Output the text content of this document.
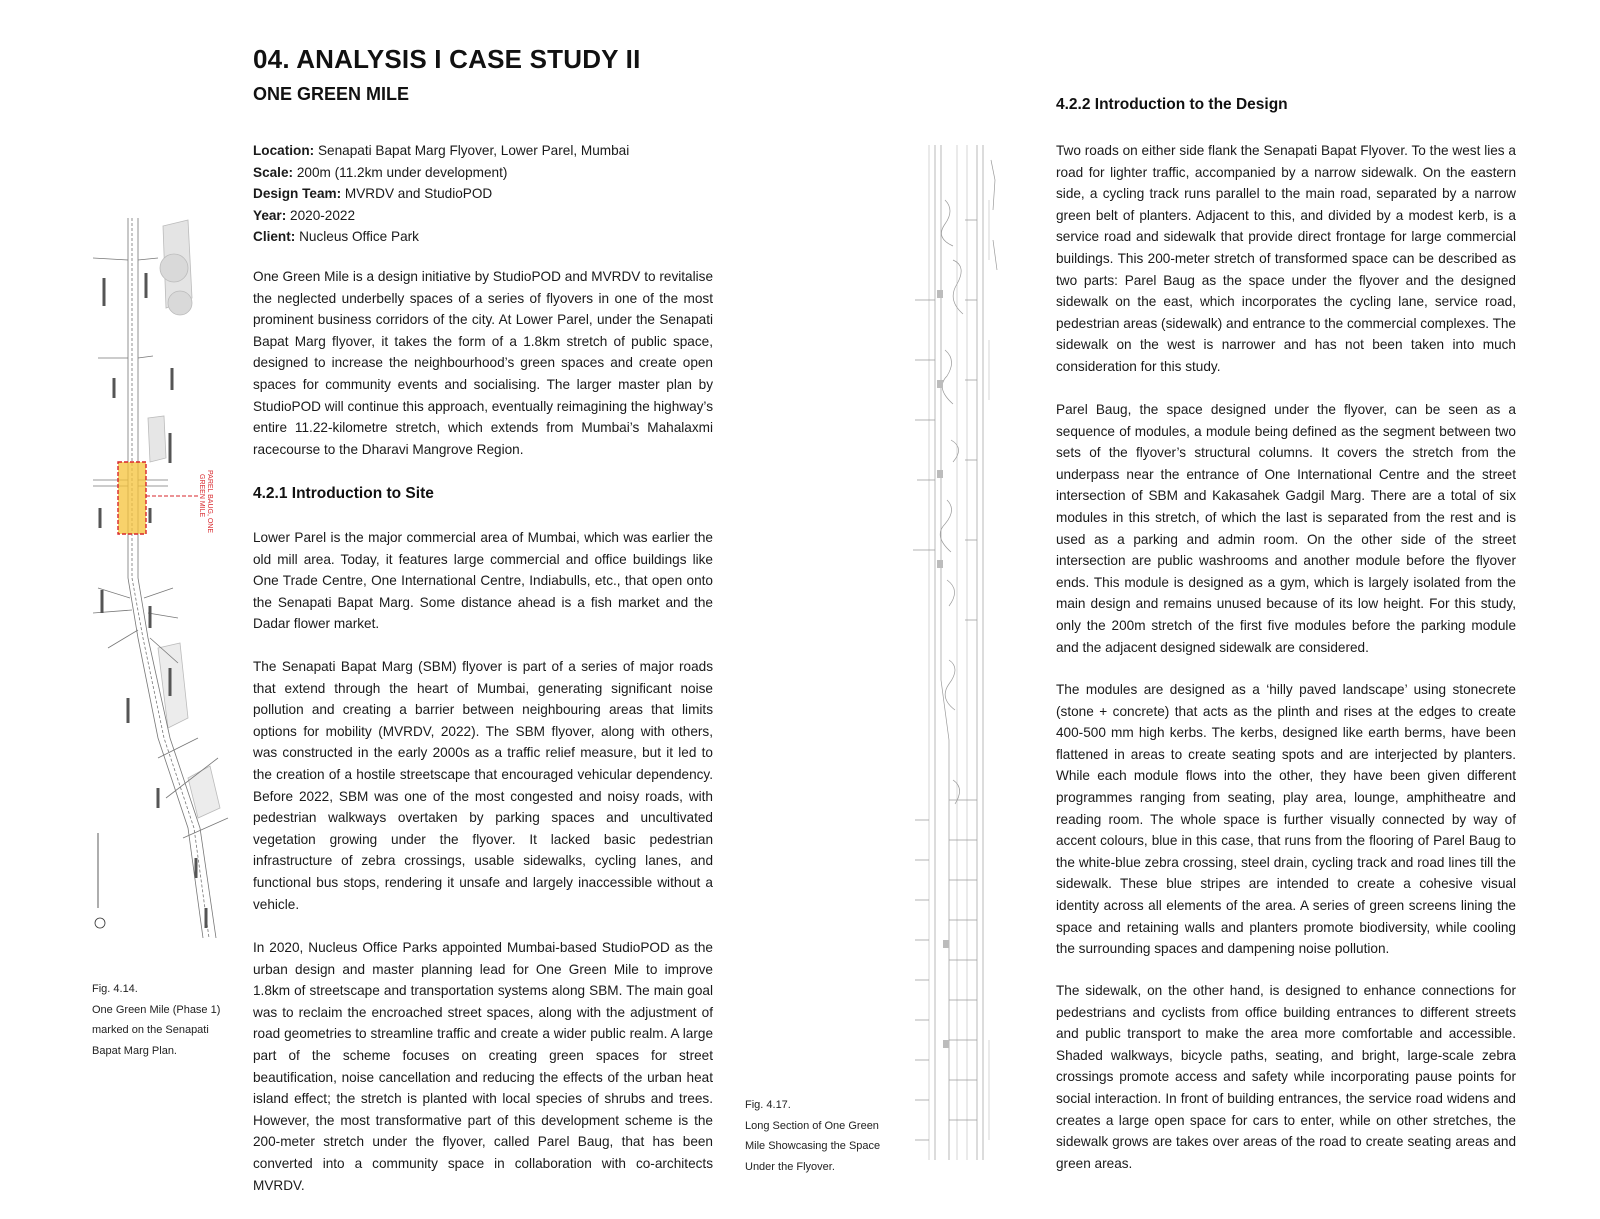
04. ANALYSIS I CASE STUDY II
ONE GREEN MILE
Location: Senapati Bapat Marg Flyover, Lower Parel, Mumbai
Scale: 200m (11.2km under development)
Design Team: MVRDV and StudioPOD
Year: 2020-2022
Client: Nucleus Office Park

One Green Mile is a design initiative by StudioPOD and MVRDV to revitalise the neglected underbelly spaces of a series of flyovers in one of the most prominent business corridors of the city. At Lower Parel, under the Senapati Bapat Marg flyover, it takes the form of a 1.8km stretch of public space, designed to increase the neighbourhood’s green spaces and create open spaces for community events and socialising. The larger master plan by StudioPOD will continue this approach, eventually reimagining the highway’s entire 11.22-kilometre stretch, which extends from Mumbai’s Mahalaxmi racecourse to the Dharavi Mangrove Region.

4.2.1 Introduction to Site

Lower Parel is the major commercial area of Mumbai, which was earlier the old mill area. Today, it features large commercial and office buildings like One Trade Centre, One International Centre, Indiabulls, etc., that open onto the Senapati Bapat Marg. Some distance ahead is a fish market and the Dadar flower market.

The Senapati Bapat Marg (SBM) flyover is part of a series of major roads that extend through the heart of Mumbai, generating significant noise pollution and creating a barrier between neighbouring areas that limits options for mobility (MVRDV, 2022). The SBM flyover, along with others, was constructed in the early 2000s as a traffic relief measure, but it led to the creation of a hostile streetscape that encouraged vehicular dependency. Before 2022, SBM was one of the most congested and noisy roads, with pedestrian walkways overtaken by parking spaces and uncultivated vegetation growing under the flyover. It lacked basic pedestrian infrastructure of zebra crossings, usable sidewalks, cycling lanes, and functional bus stops, rendering it unsafe and largely inaccessible without a vehicle.

In 2020, Nucleus Office Parks appointed Mumbai-based StudioPOD as the urban design and master planning lead for One Green Mile to improve 1.8km of streetscape and transportation systems along SBM. The main goal was to reclaim the encroached street spaces, along with the adjustment of road geometries to streamline traffic and create a wider public realm. A large part of the scheme focuses on creating green spaces for street beautification, noise cancellation and reducing the effects of the urban heat island effect; the stretch is planted with local species of shrubs and trees. However, the most transformative part of this development scheme is the 200-meter stretch under the flyover, called Parel Baug, that has been converted into a community space in collaboration with co-architects MVRDV.

4.2.2 Introduction to the Design

Two roads on either side flank the Senapati Bapat Flyover. To the west lies a road for lighter traffic, accompanied by a narrow sidewalk. On the eastern side, a cycling track runs parallel to the main road, separated by a narrow green belt of planters. Adjacent to this, and divided by a modest kerb, is a service road and sidewalk that provide direct frontage for large commercial buildings. This 200-meter stretch of transformed space can be described as two parts: Parel Baug as the space under the flyover and the designed sidewalk on the east, which incorporates the cycling lane, service road, pedestrian areas (sidewalk) and entrance to the commercial complexes. The sidewalk on the west is narrower and has not been taken into much consideration for this study.

Parel Baug, the space designed under the flyover, can be seen as a sequence of modules, a module being defined as the segment between two sets of the flyover’s structural columns. It covers the stretch from the underpass near the entrance of One International Centre and the street intersection of SBM and Kakasahek Gadgil Marg. There are a total of six modules in this stretch, of which the last is separated from the rest and is used as a parking and admin room. On the other side of the street intersection are public washrooms and another module before the flyover ends. This module is designed as a gym, which is largely isolated from the main design and remains unused because of its low height. For this study, only the 200m stretch of the first five modules before the parking module and the adjacent designed sidewalk are considered.

The modules are designed as a ‘hilly paved landscape’ using stonecrete (stone + concrete) that acts as the plinth and rises at the edges to create 400-500 mm high kerbs. The kerbs, designed like earth berms, have been flattened in areas to create seating spots and are interjected by planters. While each module flows into the other, they have been given different programmes ranging from seating, play area, lounge, amphitheatre and reading room. The whole space is further visually connected by way of accent colours, blue in this case, that runs from the flooring of Parel Baug to the white-blue zebra crossing, steel drain, cycling track and road lines till the sidewalk. These blue stripes are intended to create a cohesive visual identity across all elements of the area. A series of green screens lining the space and retaining walls and planters promote biodiversity, while cooling the surrounding spaces and dampening noise pollution.

The sidewalk, on the other hand, is designed to enhance connections for pedestrians and cyclists from office building entrances to different streets and public transport to make the area more comfortable and accessible. Shaded walkways, bicycle paths, seating, and bright, large-scale zebra crossings promote access and safety while incorporating pause points for social interaction. In front of building entrances, the service road widens and creates a large open space for cars to enter, while on other stretches, the sidewalk grows are takes over areas of the road to create seating areas and green areas.

PAREL BAUG, ONE
GREEN MILE
Fig. 4.14.
One Green Mile (Phase 1)
marked on the Senapati
Bapat Marg Plan.
Fig. 4.17.
Long Section of One Green
Mile Showcasing the Space
Under the Flyover.
